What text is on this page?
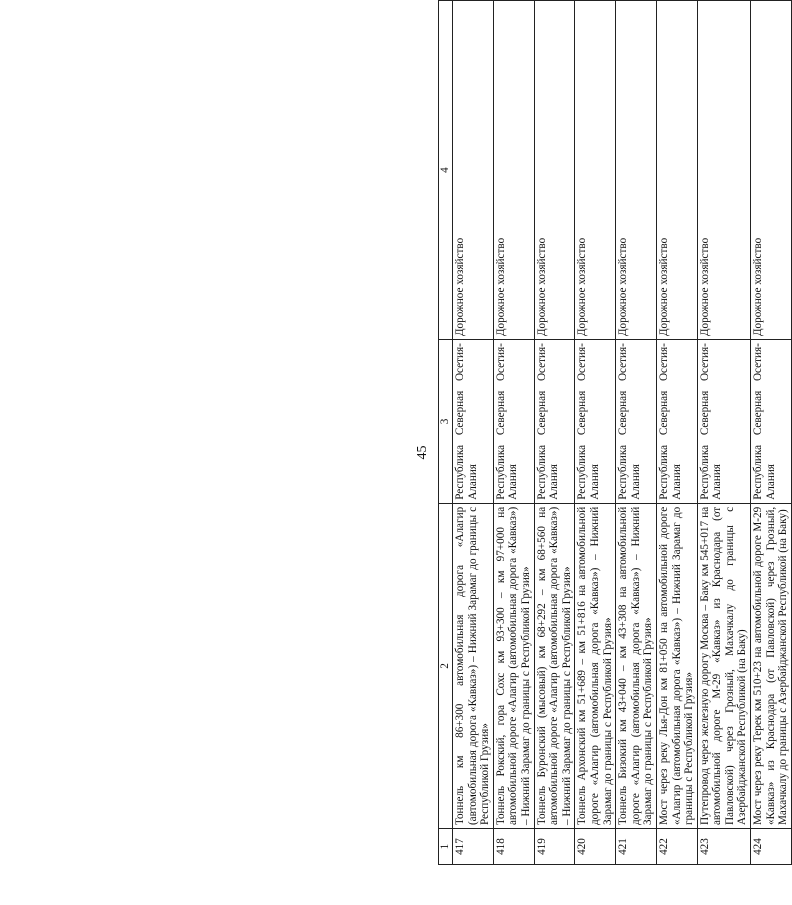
45
1	2	3	4
417	Тоннель км 86+300 автомобильная дорога «Алагир (автомобильная дорога «Кавказ») – Нижний Зарамаг до границы с Республикой Грузия»	Республика Северная Осетия-Алания	Дорожное хозяйство
418	Тоннель Рокский, гора Сохс км 93+300 – км 97+000 на автомобильной дороге «Алагир (автомобильная дорога «Кавказ») – Нижний Зарамаг до границы с Республикой Грузия»	Республика Северная Осетия-Алания	Дорожное хозяйство
419	Тоннель Буронский (мысовый) км 68+292 – км 68+560 на автомобильной дороге «Алагир (автомобильная дорога «Кавказ») – Нижний Зарамаг до границы с Республикой Грузия»	Республика Северная Осетия-Алания	Дорожное хозяйство
420	Тоннель Архонский км 51+689 – км 51+816 на автомобильной дороге «Алагир (автомобильная дорога «Кавказ») – Нижний Зарамаг до границы с Республикой Грузия»	Республика Северная Осетия-Алания	Дорожное хозяйство
421	Тоннель Бизокий км 43+040 – км 43+308 на автомобильной дороге «Алагир (автомобильная дорога «Кавказ») – Нижний Зарамаг до границы с Республикой Грузия»	Республика Северная Осетия-Алания	Дорожное хозяйство
422	Мост через реку Лья-Дон км 81+050 на автомобильной дороге «Алагир (автомобильная дорога «Кавказ») – Нижний Зарамаг до границы с Республикой Грузия»	Республика Северная Осетия-Алания	Дорожное хозяйство
423	Путепровод через железную дорогу Москва – Баку км 545+017 на автомобильной дороге М-29 «Кавказ» из Краснодара (от Павловской) через Грозный, Махачкалу до границы с Азербайджанской Республикой (на Баку)	Республика Северная Осетия-Алания	Дорожное хозяйство
424	Мост через реку Терек км 510+23 на автомобильной дороге М-29 «Кавказ» из Краснодара (от Павловской) через Грозный, Махачкалу до границы с Азербайджанской Республикой (на Баку)	Республика Северная Осетия-Алания	Дорожное хозяйство
